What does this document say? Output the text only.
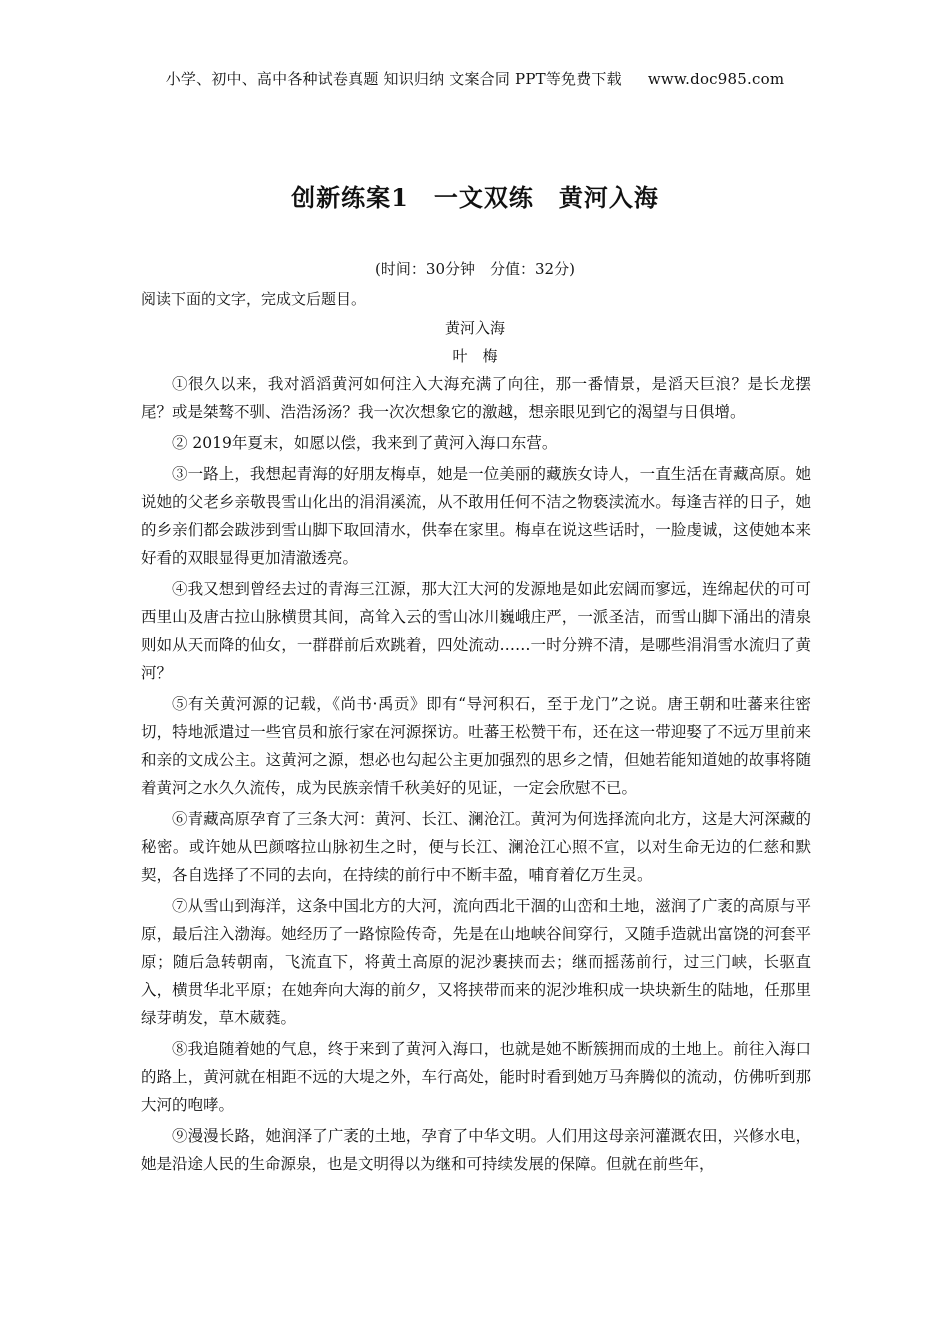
小学、初中、高中各种试卷真题 知识归纳 文案合同 PPT等免费下载 www.doc985.com
创新练案1　一文双练　黄河入海
(时间：30分钟　分值：32分)
阅读下面的文字，完成文后题目。
黄河入海
叶　梅

①很久以来，我对滔滔黄河如何注入大海充满了向往，那一番情景，是滔天巨浪？是长龙摆尾？或是桀骜不驯、浩浩汤汤？我一次次想象它的激越，想亲眼见到它的渴望与日俱增。

② 2019年夏末，如愿以偿，我来到了黄河入海口东营。

③一路上，我想起青海的好朋友梅卓，她是一位美丽的藏族女诗人，一直生活在青藏高原。她说她的父老乡亲敬畏雪山化出的涓涓溪流，从不敢用任何不洁之物亵渎流水。每逢吉祥的日子，她的乡亲们都会跋涉到雪山脚下取回清水，供奉在家里。梅卓在说这些话时，一脸虔诚，这使她本来好看的双眼显得更加清澈透亮。

④我又想到曾经去过的青海三江源，那大江大河的发源地是如此宏阔而寥远，连绵起伏的可可西里山及唐古拉山脉横贯其间，高耸入云的雪山冰川巍峨庄严，一派圣洁，而雪山脚下涌出的清泉则如从天而降的仙女，一群群前后欢跳着，四处流动……一时分辨不清，是哪些涓涓雪水流归了黄河？

⑤有关黄河源的记载，《尚书·禹贡》即有“导河积石，至于龙门”之说。唐王朝和吐蕃来往密切，特地派遣过一些官员和旅行家在河源探访。吐蕃王松赞干布，还在这一带迎娶了不远万里前来和亲的文成公主。这黄河之源，想必也勾起公主更加强烈的思乡之情，但她若能知道她的故事将随着黄河之水久久流传，成为民族亲情千秋美好的见证，一定会欣慰不已。

⑥青藏高原孕育了三条大河：黄河、长江、澜沧江。黄河为何选择流向北方，这是大河深藏的秘密。或许她从巴颜喀拉山脉初生之时，便与长江、澜沧江心照不宣，以对生命无边的仁慈和默契，各自选择了不同的去向，在持续的前行中不断丰盈，哺育着亿万生灵。

⑦从雪山到海洋，这条中国北方的大河，流向西北干涸的山峦和土地，滋润了广袤的高原与平原，最后注入渤海。她经历了一路惊险传奇，先是在山地峡谷间穿行，又随手造就出富饶的河套平原；随后急转朝南，飞流直下，将黄土高原的泥沙裹挟而去；继而摇荡前行，过三门峡，长驱直入，横贯华北平原；在她奔向大海的前夕，又将挟带而来的泥沙堆积成一块块新生的陆地，任那里绿芽萌发，草木葳蕤。

⑧我追随着她的气息，终于来到了黄河入海口，也就是她不断簇拥而成的土地上。前往入海口的路上，黄河就在相距不远的大堤之外，车行高处，能时时看到她万马奔腾似的流动，仿佛听到那大河的咆哮。

⑨漫漫长路，她润泽了广袤的土地，孕育了中华文明。人们用这母亲河灌溉农田，兴修水电，她是沿途人民的生命源泉，也是文明得以为继和可持续发展的保障。但就在前些年，
